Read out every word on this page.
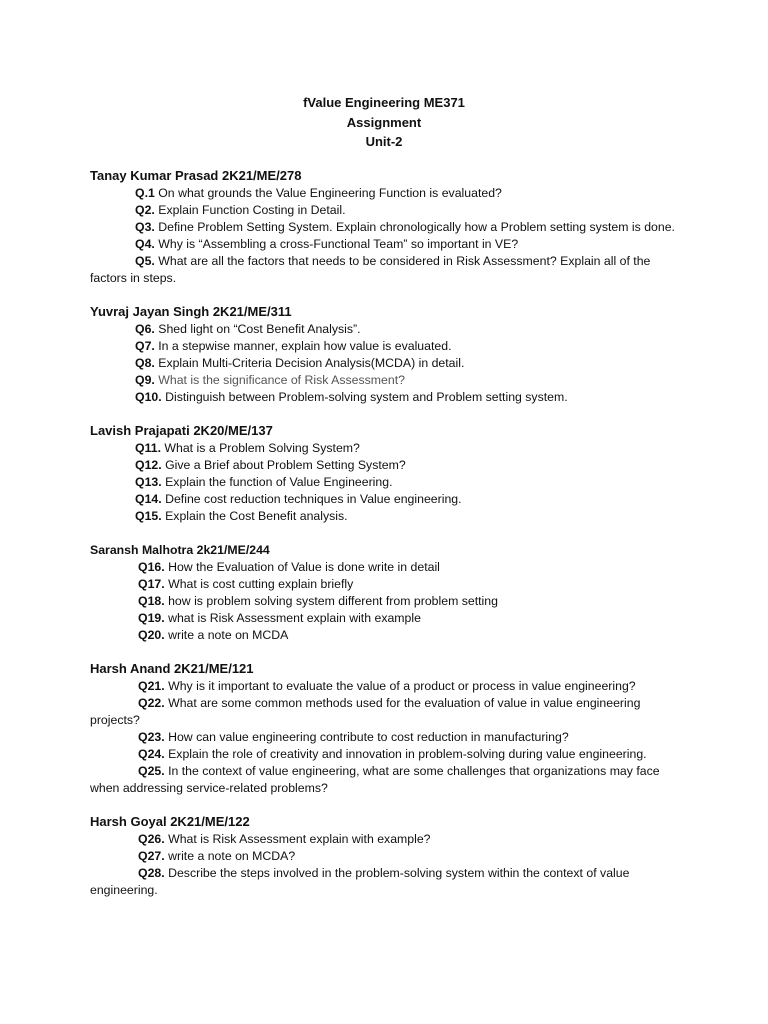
fValue Engineering ME371
Assignment
Unit-2
Tanay Kumar Prasad 2K21/ME/278

Q.1 On what grounds the Value Engineering Function is evaluated?

Q2. Explain Function Costing in Detail.

Q3. Define Problem Setting System. Explain chronologically how a Problem setting system is done.

Q4. Why is “Assembling a cross-Functional Team” so important in VE?

Q5. What are all the factors that needs to be considered in Risk Assessment? Explain all of the factors in steps.

Yuvraj Jayan Singh 2K21/ME/311

Q6. Shed light on “Cost Benefit Analysis”.

Q7. In a stepwise manner, explain how value is evaluated.

Q8. Explain Multi-Criteria Decision Analysis(MCDA) in detail.

Q9. What is the significance of Risk Assessment?

Q10. Distinguish between Problem-solving system and Problem setting system.

Lavish Prajapati 2K20/ME/137

Q11. What is a Problem Solving System?

Q12. Give a Brief about Problem Setting System?

Q13. Explain the function of Value Engineering.

Q14. Define cost reduction techniques in Value engineering.

Q15. Explain the Cost Benefit analysis.

Saransh Malhotra 2k21/ME/244

Q16. How the Evaluation of Value is done write in detail

Q17. What is cost cutting explain briefly

Q18. how is problem solving system different from problem setting

Q19. what is Risk Assessment explain with example

Q20. write a note on MCDA

Harsh Anand 2K21/ME/121

Q21. Why is it important to evaluate the value of a product or process in value engineering?

Q22. What are some common methods used for the evaluation of value in value engineering projects?

Q23. How can value engineering contribute to cost reduction in manufacturing?

Q24. Explain the role of creativity and innovation in problem-solving during value engineering.

Q25. In the context of value engineering, what are some challenges that organizations may face when addressing service-related problems?

Harsh Goyal 2K21/ME/122

Q26. What is Risk Assessment explain with example?

Q27. write a note on MCDA?

Q28. Describe the steps involved in the problem-solving system within the context of value engineering.
